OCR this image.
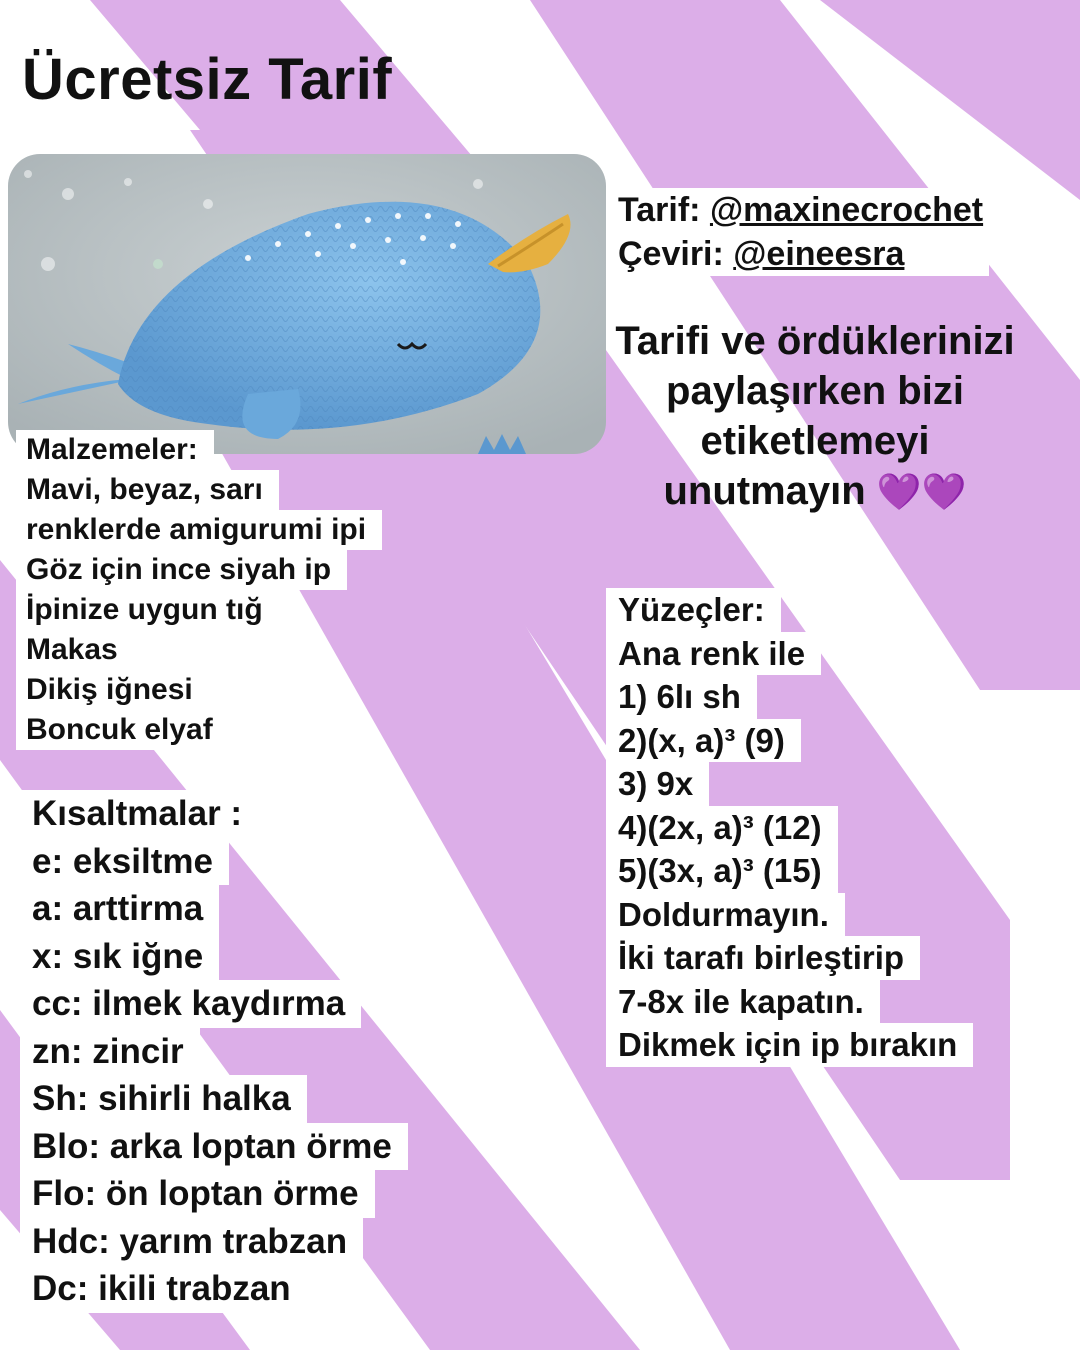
Ücretsiz Tarif
Tarif: @maxinecrochet
Çeviri: @eineesra
Tarifi ve ördüklerinizi
paylaşırken bizi
etiketlemeyi
unutmayın 💜💜
Malzemeler:
Mavi, beyaz, sarı
renklerde amigurumi ipi
Göz için ince siyah ip
İpinize uygun tığ
Makas
Dikiş iğnesi
Boncuk elyaf
Kısaltmalar :
e: eksiltme
a: arttirma
x: sık iğne
cc: ilmek kaydırma
zn: zincir
Sh: sihirli halka
Blo: arka loptan örme
Flo: ön loptan örme
Hdc: yarım trabzan
Dc: ikili trabzan
Yüzeçler:
Ana renk ile
1) 6lı sh
2)(x, a)³ (9)
3) 9x
4)(2x, a)³ (12)
5)(3x, a)³ (15)
Doldurmayın.
İki tarafı birleştirip
7-8x ile kapatın.
Dikmek için ip bırakın
